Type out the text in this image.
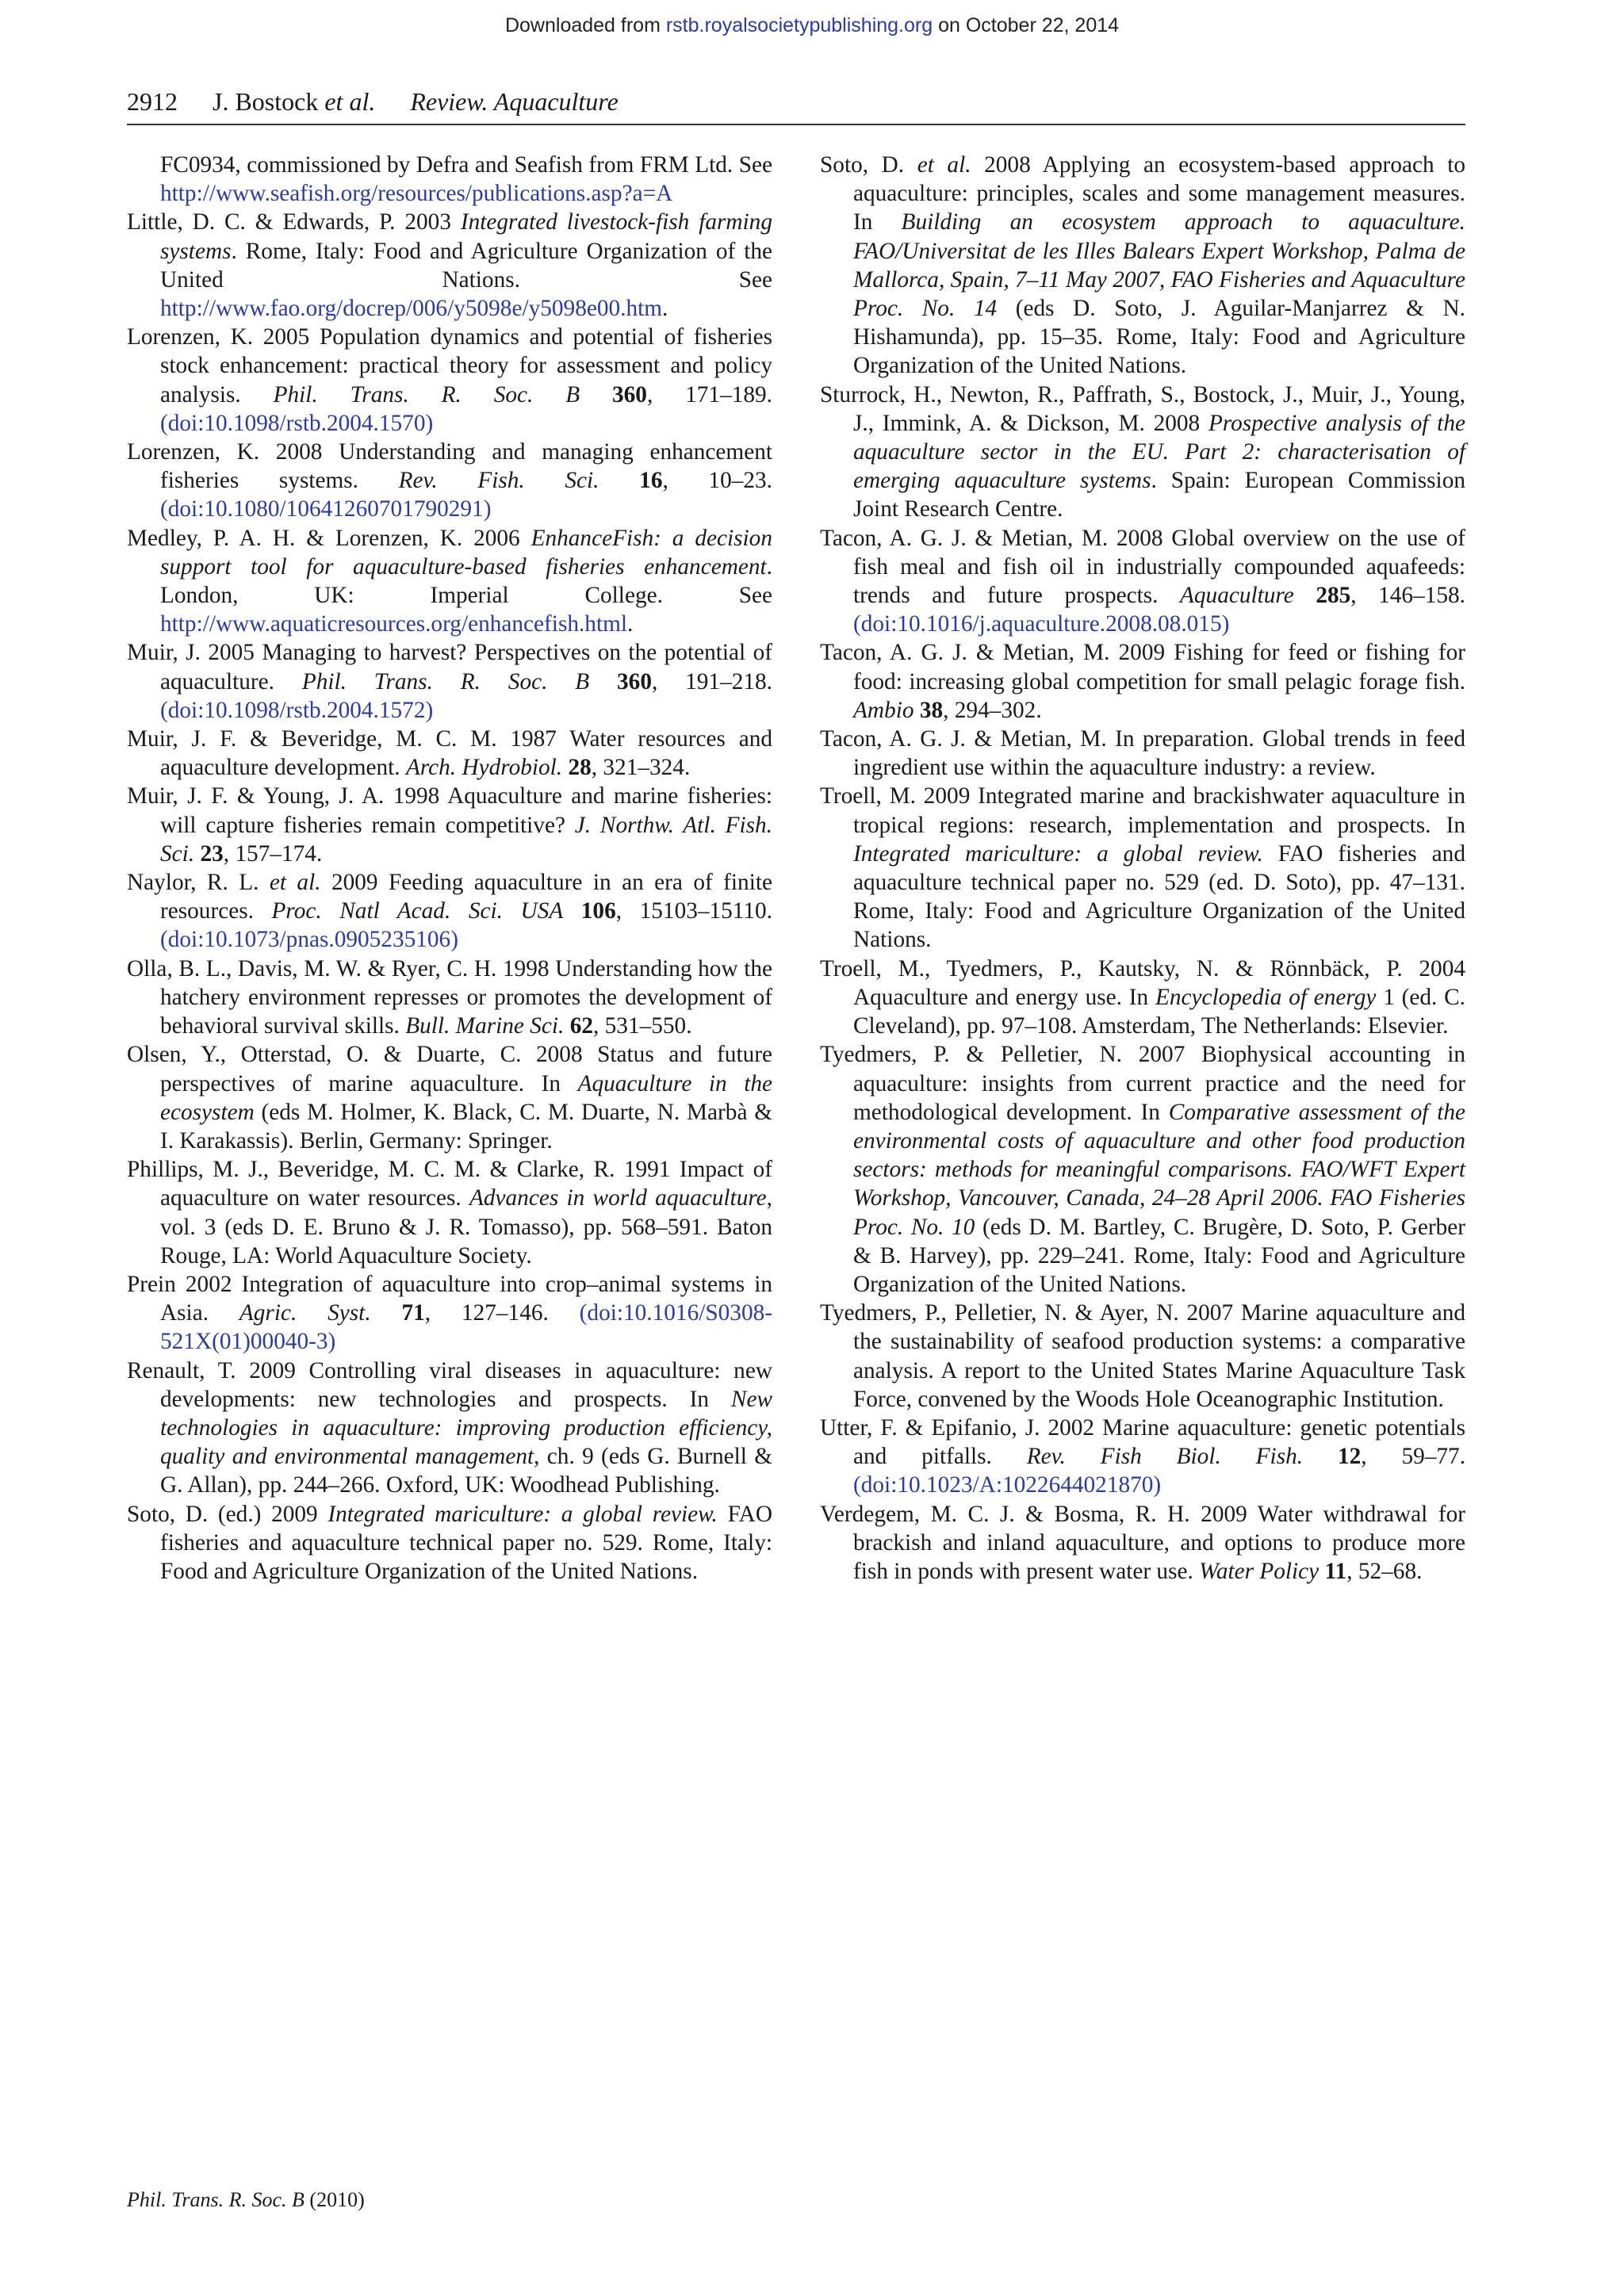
Downloaded from rstb.royalsocietypublishing.org on October 22, 2014
2912 J. Bostock et al. Review. Aquaculture

FC0934, commissioned by Defra and Seafish from FRM Ltd. See http://www.seafish.org/resources/publications.asp?a=A

Little, D. C. & Edwards, P. 2003 Integrated livestock-fish farming systems. Rome, Italy: Food and Agriculture Organization of the United Nations. See http://www.fao.org/docrep/006/y5098e/y5098e00.htm.

Lorenzen, K. 2005 Population dynamics and potential of fisheries stock enhancement: practical theory for assessment and policy analysis. Phil. Trans. R. Soc. B 360, 171–189. (doi:10.1098/rstb.2004.1570)

Lorenzen, K. 2008 Understanding and managing enhancement fisheries systems. Rev. Fish. Sci. 16, 10–23. (doi:10.1080/10641260701790291)

Medley, P. A. H. & Lorenzen, K. 2006 EnhanceFish: a decision support tool for aquaculture-based fisheries enhancement. London, UK: Imperial College. See http://www.aquaticresources.org/enhancefish.html.

Muir, J. 2005 Managing to harvest? Perspectives on the potential of aquaculture. Phil. Trans. R. Soc. B 360, 191–218. (doi:10.1098/rstb.2004.1572)

Muir, J. F. & Beveridge, M. C. M. 1987 Water resources and aquaculture development. Arch. Hydrobiol. 28, 321–324.

Muir, J. F. & Young, J. A. 1998 Aquaculture and marine fisheries: will capture fisheries remain competitive? J. Northw. Atl. Fish. Sci. 23, 157–174.

Naylor, R. L. et al. 2009 Feeding aquaculture in an era of finite resources. Proc. Natl Acad. Sci. USA 106, 15103–15110. (doi:10.1073/pnas.0905235106)

Olla, B. L., Davis, M. W. & Ryer, C. H. 1998 Understanding how the hatchery environment represses or promotes the development of behavioral survival skills. Bull. Marine Sci. 62, 531–550.

Olsen, Y., Otterstad, O. & Duarte, C. 2008 Status and future perspectives of marine aquaculture. In Aquaculture in the ecosystem (eds M. Holmer, K. Black, C. M. Duarte, N. Marbà & I. Karakassis). Berlin, Germany: Springer.

Phillips, M. J., Beveridge, M. C. M. & Clarke, R. 1991 Impact of aquaculture on water resources. Advances in world aquaculture, vol. 3 (eds D. E. Bruno & J. R. Tomasso), pp. 568–591. Baton Rouge, LA: World Aquaculture Society.

Prein 2002 Integration of aquaculture into crop–animal systems in Asia. Agric. Syst. 71, 127–146. (doi:10.1016/S0308-521X(01)00040-3)

Renault, T. 2009 Controlling viral diseases in aquaculture: new developments: new technologies and prospects. In New technologies in aquaculture: improving production efficiency, quality and environmental management, ch. 9 (eds G. Burnell & G. Allan), pp. 244–266. Oxford, UK: Woodhead Publishing.

Soto, D. (ed.) 2009 Integrated mariculture: a global review. FAO fisheries and aquaculture technical paper no. 529. Rome, Italy: Food and Agriculture Organization of the United Nations.

Soto, D. et al. 2008 Applying an ecosystem-based approach to aquaculture: principles, scales and some management measures. In Building an ecosystem approach to aquaculture. FAO/Universitat de les Illes Balears Expert Workshop, Palma de Mallorca, Spain, 7–11 May 2007, FAO Fisheries and Aquaculture Proc. No. 14 (eds D. Soto, J. Aguilar-Manjarrez & N. Hishamunda), pp. 15–35. Rome, Italy: Food and Agriculture Organization of the United Nations.

Sturrock, H., Newton, R., Paffrath, S., Bostock, J., Muir, J., Young, J., Immink, A. & Dickson, M. 2008 Prospective analysis of the aquaculture sector in the EU. Part 2: characterisation of emerging aquaculture systems. Spain: European Commission Joint Research Centre.

Tacon, A. G. J. & Metian, M. 2008 Global overview on the use of fish meal and fish oil in industrially compounded aquafeeds: trends and future prospects. Aquaculture 285, 146–158. (doi:10.1016/j.aquaculture.2008.08.015)

Tacon, A. G. J. & Metian, M. 2009 Fishing for feed or fishing for food: increasing global competition for small pelagic forage fish. Ambio 38, 294–302.

Tacon, A. G. J. & Metian, M. In preparation. Global trends in feed ingredient use within the aquaculture industry: a review.

Troell, M. 2009 Integrated marine and brackishwater aquaculture in tropical regions: research, implementation and prospects. In Integrated mariculture: a global review. FAO fisheries and aquaculture technical paper no. 529 (ed. D. Soto), pp. 47–131. Rome, Italy: Food and Agriculture Organization of the United Nations.

Troell, M., Tyedmers, P., Kautsky, N. & Rönnbäck, P. 2004 Aquaculture and energy use. In Encyclopedia of energy 1 (ed. C. Cleveland), pp. 97–108. Amsterdam, The Netherlands: Elsevier.

Tyedmers, P. & Pelletier, N. 2007 Biophysical accounting in aquaculture: insights from current practice and the need for methodological development. In Comparative assessment of the environmental costs of aquaculture and other food production sectors: methods for meaningful comparisons. FAO/WFT Expert Workshop, Vancouver, Canada, 24–28 April 2006. FAO Fisheries Proc. No. 10 (eds D. M. Bartley, C. Brugère, D. Soto, P. Gerber & B. Harvey), pp. 229–241. Rome, Italy: Food and Agriculture Organization of the United Nations.

Tyedmers, P., Pelletier, N. & Ayer, N. 2007 Marine aquaculture and the sustainability of seafood production systems: a comparative analysis. A report to the United States Marine Aquaculture Task Force, convened by the Woods Hole Oceanographic Institution.

Utter, F. & Epifanio, J. 2002 Marine aquaculture: genetic potentials and pitfalls. Rev. Fish Biol. Fish. 12, 59–77. (doi:10.1023/A:1022644021870)

Verdegem, M. C. J. & Bosma, R. H. 2009 Water withdrawal for brackish and inland aquaculture, and options to produce more fish in ponds with present water use. Water Policy 11, 52–68.

Phil. Trans. R. Soc. B (2010)
